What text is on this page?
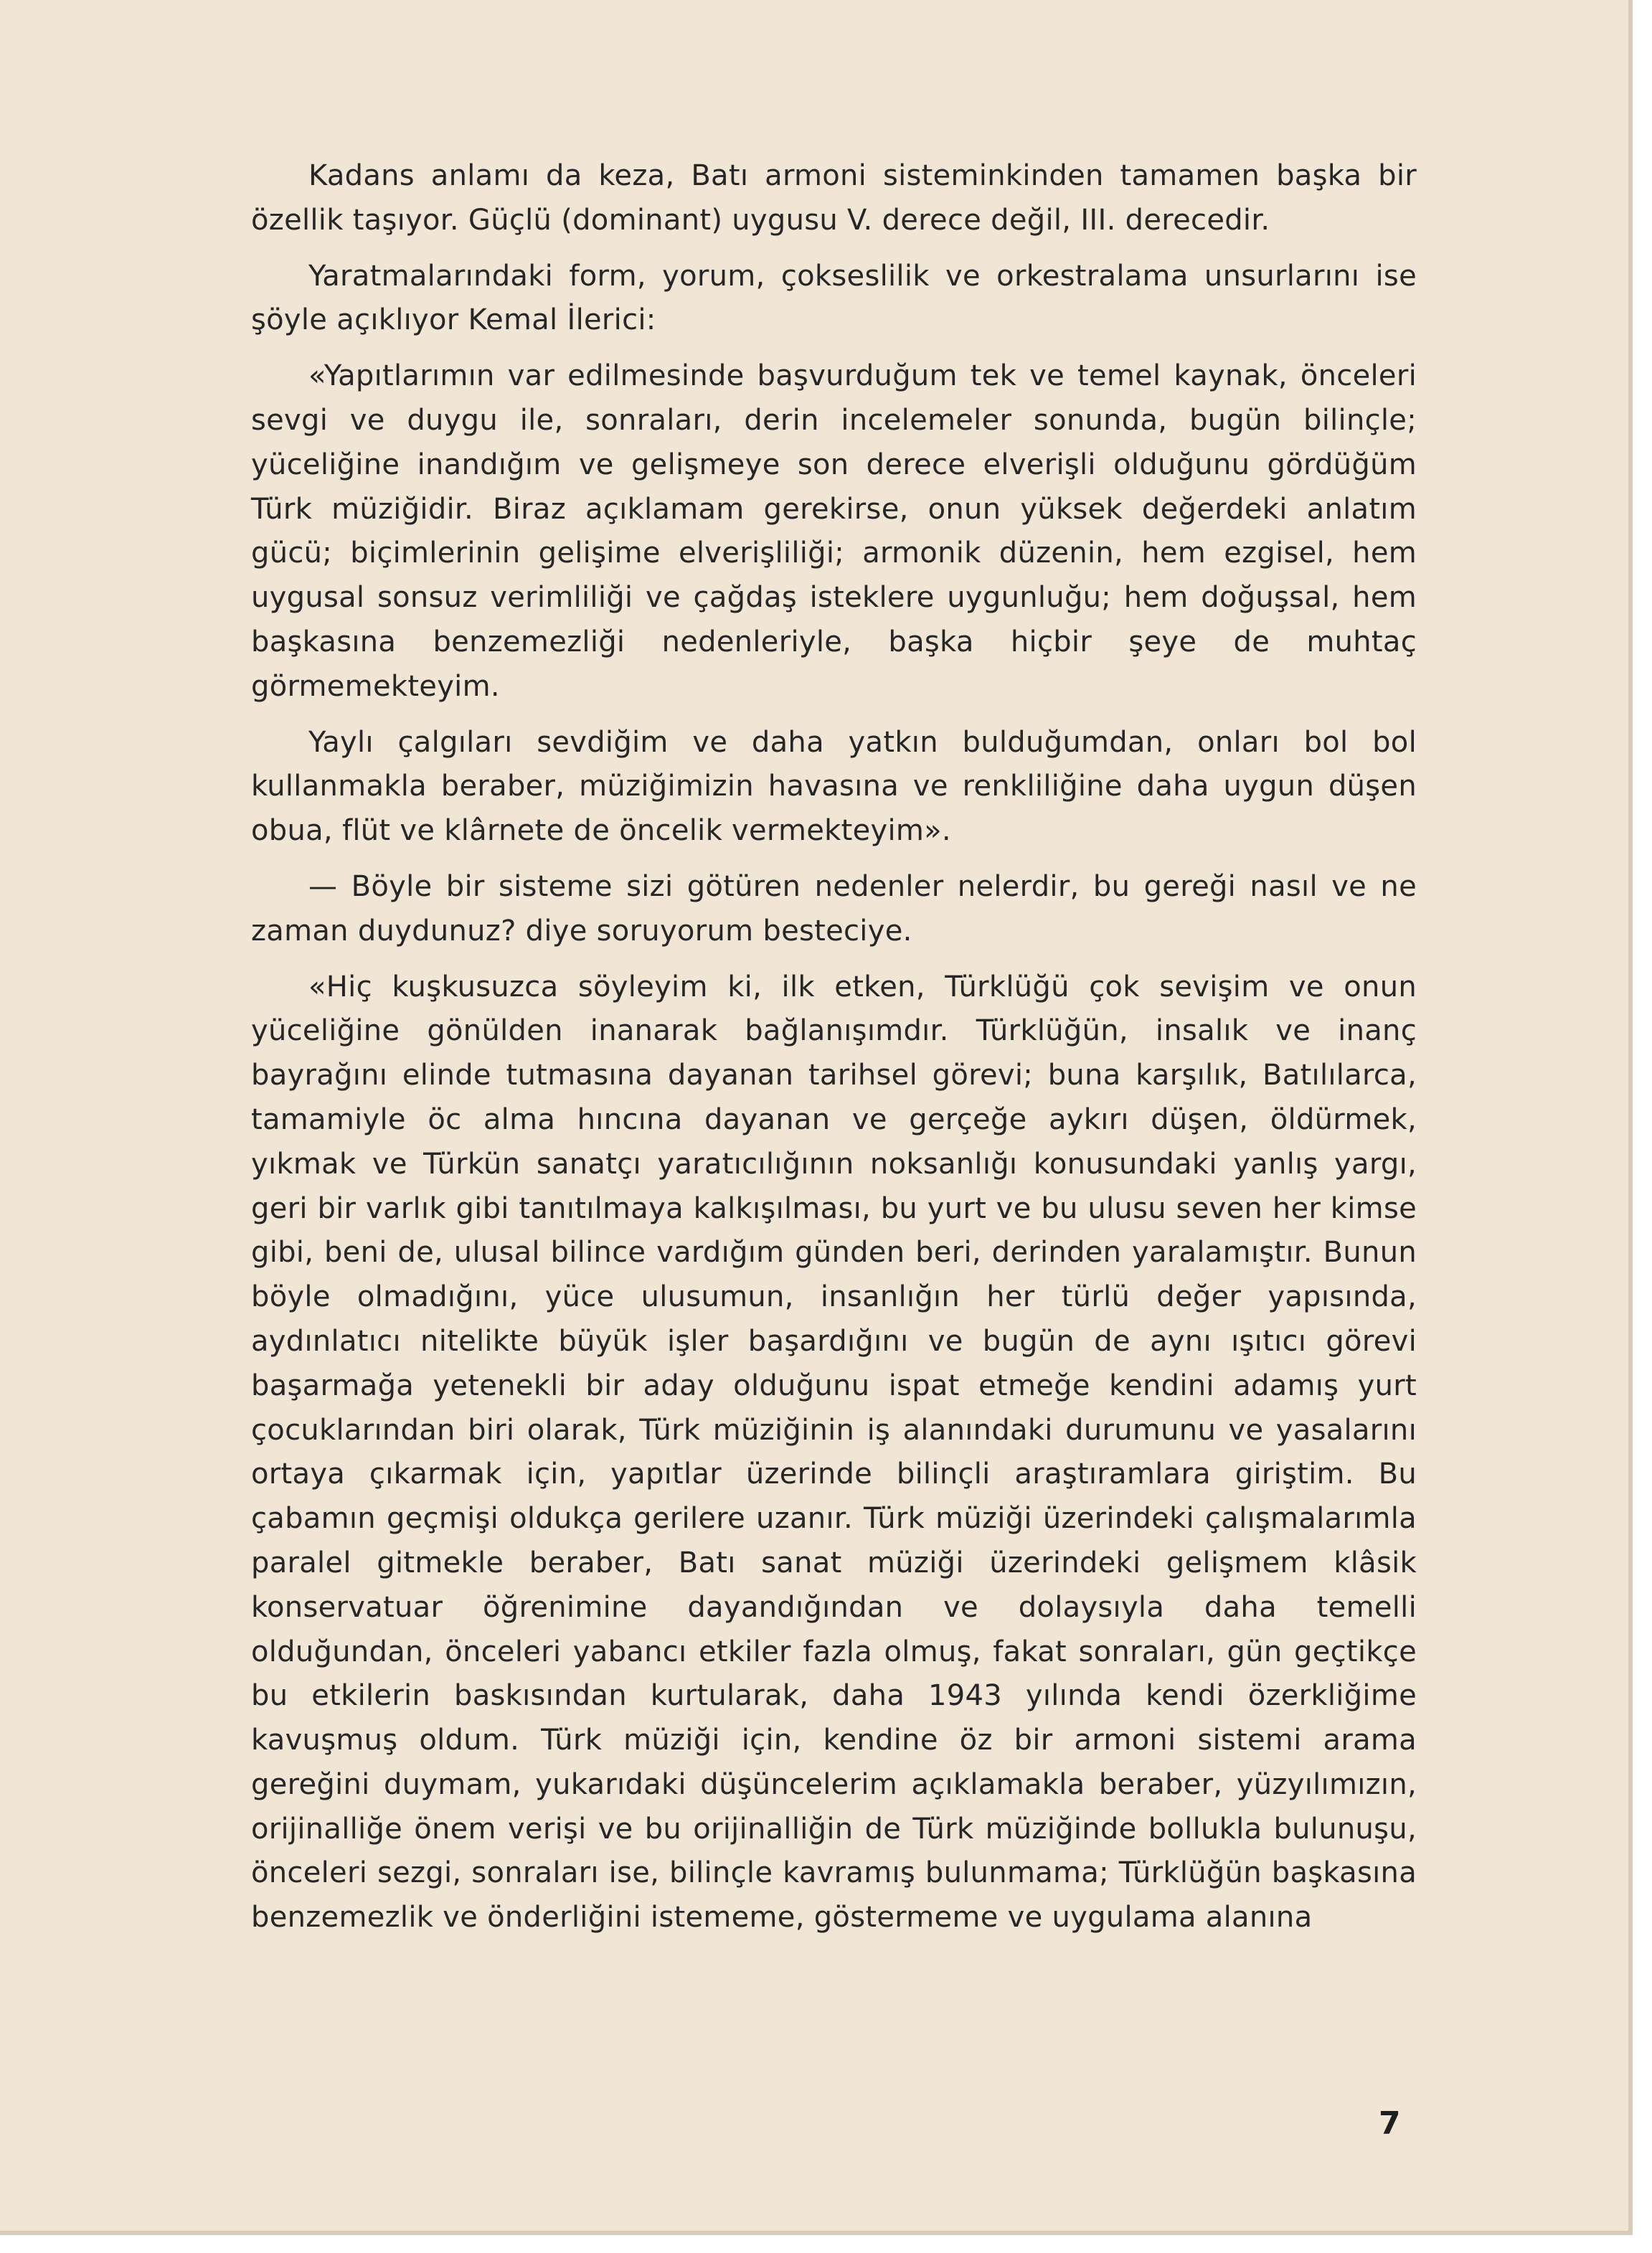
Kadans anlamı da keza, Batı armoni sisteminkinden tamamen başka bir özellik taşıyor. Güçlü (dominant) uygusu V. derece değil, III. derecedir.

Yaratmalarındaki form, yorum, çokseslilik ve orkestralama unsurlarını ise şöyle açıklıyor Kemal İlerici:

«Yapıtlarımın var edilmesinde başvurduğum tek ve temel kaynak, önceleri sevgi ve duygu ile, sonraları, derin incelemeler sonunda, bugün bilinçle; yüceliğine inandığım ve gelişmeye son derece elverişli olduğunu gördüğüm Türk müziğidir. Biraz açıklamam gerekirse, onun yüksek değerdeki anlatım gücü; biçimlerinin gelişime elverişliliği; armonik düzenin, hem ezgisel, hem uygusal sonsuz verimliliği ve çağdaş isteklere uygunluğu; hem doğuşsal, hem başkasına benzemezliği nedenleriyle, başka hiçbir şeye de muhtaç görmemekteyim.

Yaylı çalgıları sevdiğim ve daha yatkın bulduğumdan, onları bol bol kullanmakla beraber, müziğimizin havasına ve renkliliğine daha uygun düşen obua, flüt ve klârnete de öncelik vermekteyim».

— Böyle bir sisteme sizi götüren nedenler nelerdir, bu gereği nasıl ve ne zaman duydunuz? diye soruyorum besteciye.

«Hiç kuşkusuzca söyleyim ki, ilk etken, Türklüğü çok sevişim ve onun yüceliğine gönülden inanarak bağlanışımdır. Türklüğün, insalık ve inanç bayrağını elinde tutmasına dayanan tarihsel görevi; buna karşılık, Batılılarca, tamamiyle öc alma hıncına dayanan ve gerçeğe aykırı düşen, öldürmek, yıkmak ve Türkün sanatçı yaratıcılığının noksanlığı konusundaki yanlış yargı, geri bir varlık gibi tanıtılmaya kalkışılması, bu yurt ve bu ulusu seven her kimse gibi, beni de, ulusal bilince vardığım günden beri, derinden yaralamıştır. Bunun böyle olmadığını, yüce ulusumun, insanlığın her türlü değer yapısında, aydınlatıcı nitelikte büyük işler başardığını ve bugün de aynı ışıtıcı görevi başarmağa yetenekli bir aday olduğunu ispat etmeğe kendini adamış yurt çocuklarından biri olarak, Türk müziğinin iş alanındaki durumunu ve yasalarını ortaya çıkarmak için, yapıtlar üzerinde bilinçli araştıramlara giriştim. Bu çabamın geçmişi oldukça gerilere uzanır. Türk müziği üzerindeki çalışmalarımla paralel gitmekle beraber, Batı sanat müziği üzerindeki gelişmem klâsik konservatuar öğrenimine dayandığından ve dolaysıyla daha temelli olduğundan, önceleri yabancı etkiler fazla olmuş, fakat sonraları, gün geçtikçe bu etkilerin baskısından kurtularak, daha 1943 yılında kendi özerkliğime kavuşmuş oldum. Türk müziği için, kendine öz bir armoni sistemi arama gereğini duymam, yukarıdaki düşüncelerim açıklamakla beraber, yüzyılımızın, orijinalliğe önem verişi ve bu orijinalliğin de Türk müziğinde bollukla bulunuşu, önceleri sezgi, sonraları ise, bilinçle kavramış bulunmama; Türklüğün başkasına benzemezlik ve önderliğini istememe, göstermeme ve uygulama alanına

7
